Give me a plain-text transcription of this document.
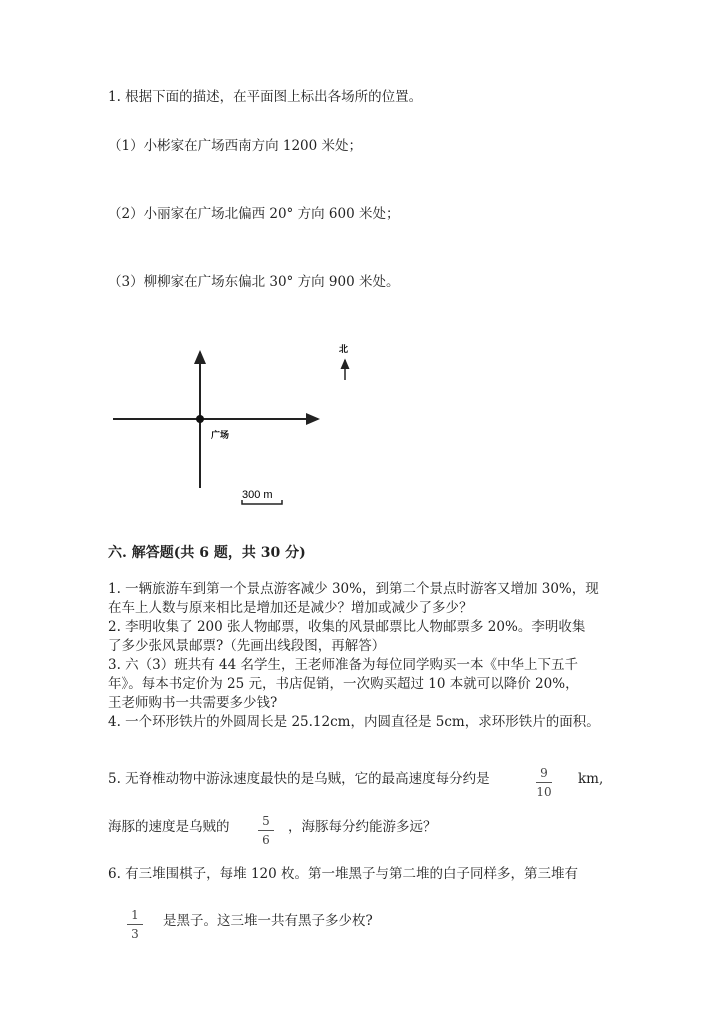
1. 根据下面的描述，在平面图上标出各场所的位置。
（1）小彬家在广场西南方向 1200 米处；
（2）小丽家在广场北偏西 20° 方向 600 米处；
（3）柳柳家在广场东偏北 30° 方向 900 米处。
广场
北
300 m
六. 解答题(共 6 题，共 30 分)
1. 一辆旅游车到第一个景点游客减少 30%，到第二个景点时游客又增加 30%，现
在车上人数与原来相比是增加还是减少？增加或减少了多少？
2. 李明收集了 200 张人物邮票，收集的风景邮票比人物邮票多 20%。李明收集
了多少张风景邮票?（先画出线段图，再解答）
3. 六（3）班共有 44 名学生，王老师准备为每位同学购买一本《中华上下五千
年》。每本书定价为 25 元，书店促销，一次购买超过 10 本就可以降价 20%，
王老师购书一共需要多少钱?
4. 一个环形铁片的外圆周长是 25.12cm，内圆直径是 5cm，求环形铁片的面积。
5. 无脊椎动物中游泳速度最快的是乌贼，它的最高速度每分约是	9
10
km,
海豚的速度是乌贼的	5
6
，海豚每分约能游多远？
6. 有三堆围棋子，每堆 120 枚。第一堆黑子与第二堆的白子同样多，第三堆有
1
3
是黑子。这三堆一共有黑子多少枚?
